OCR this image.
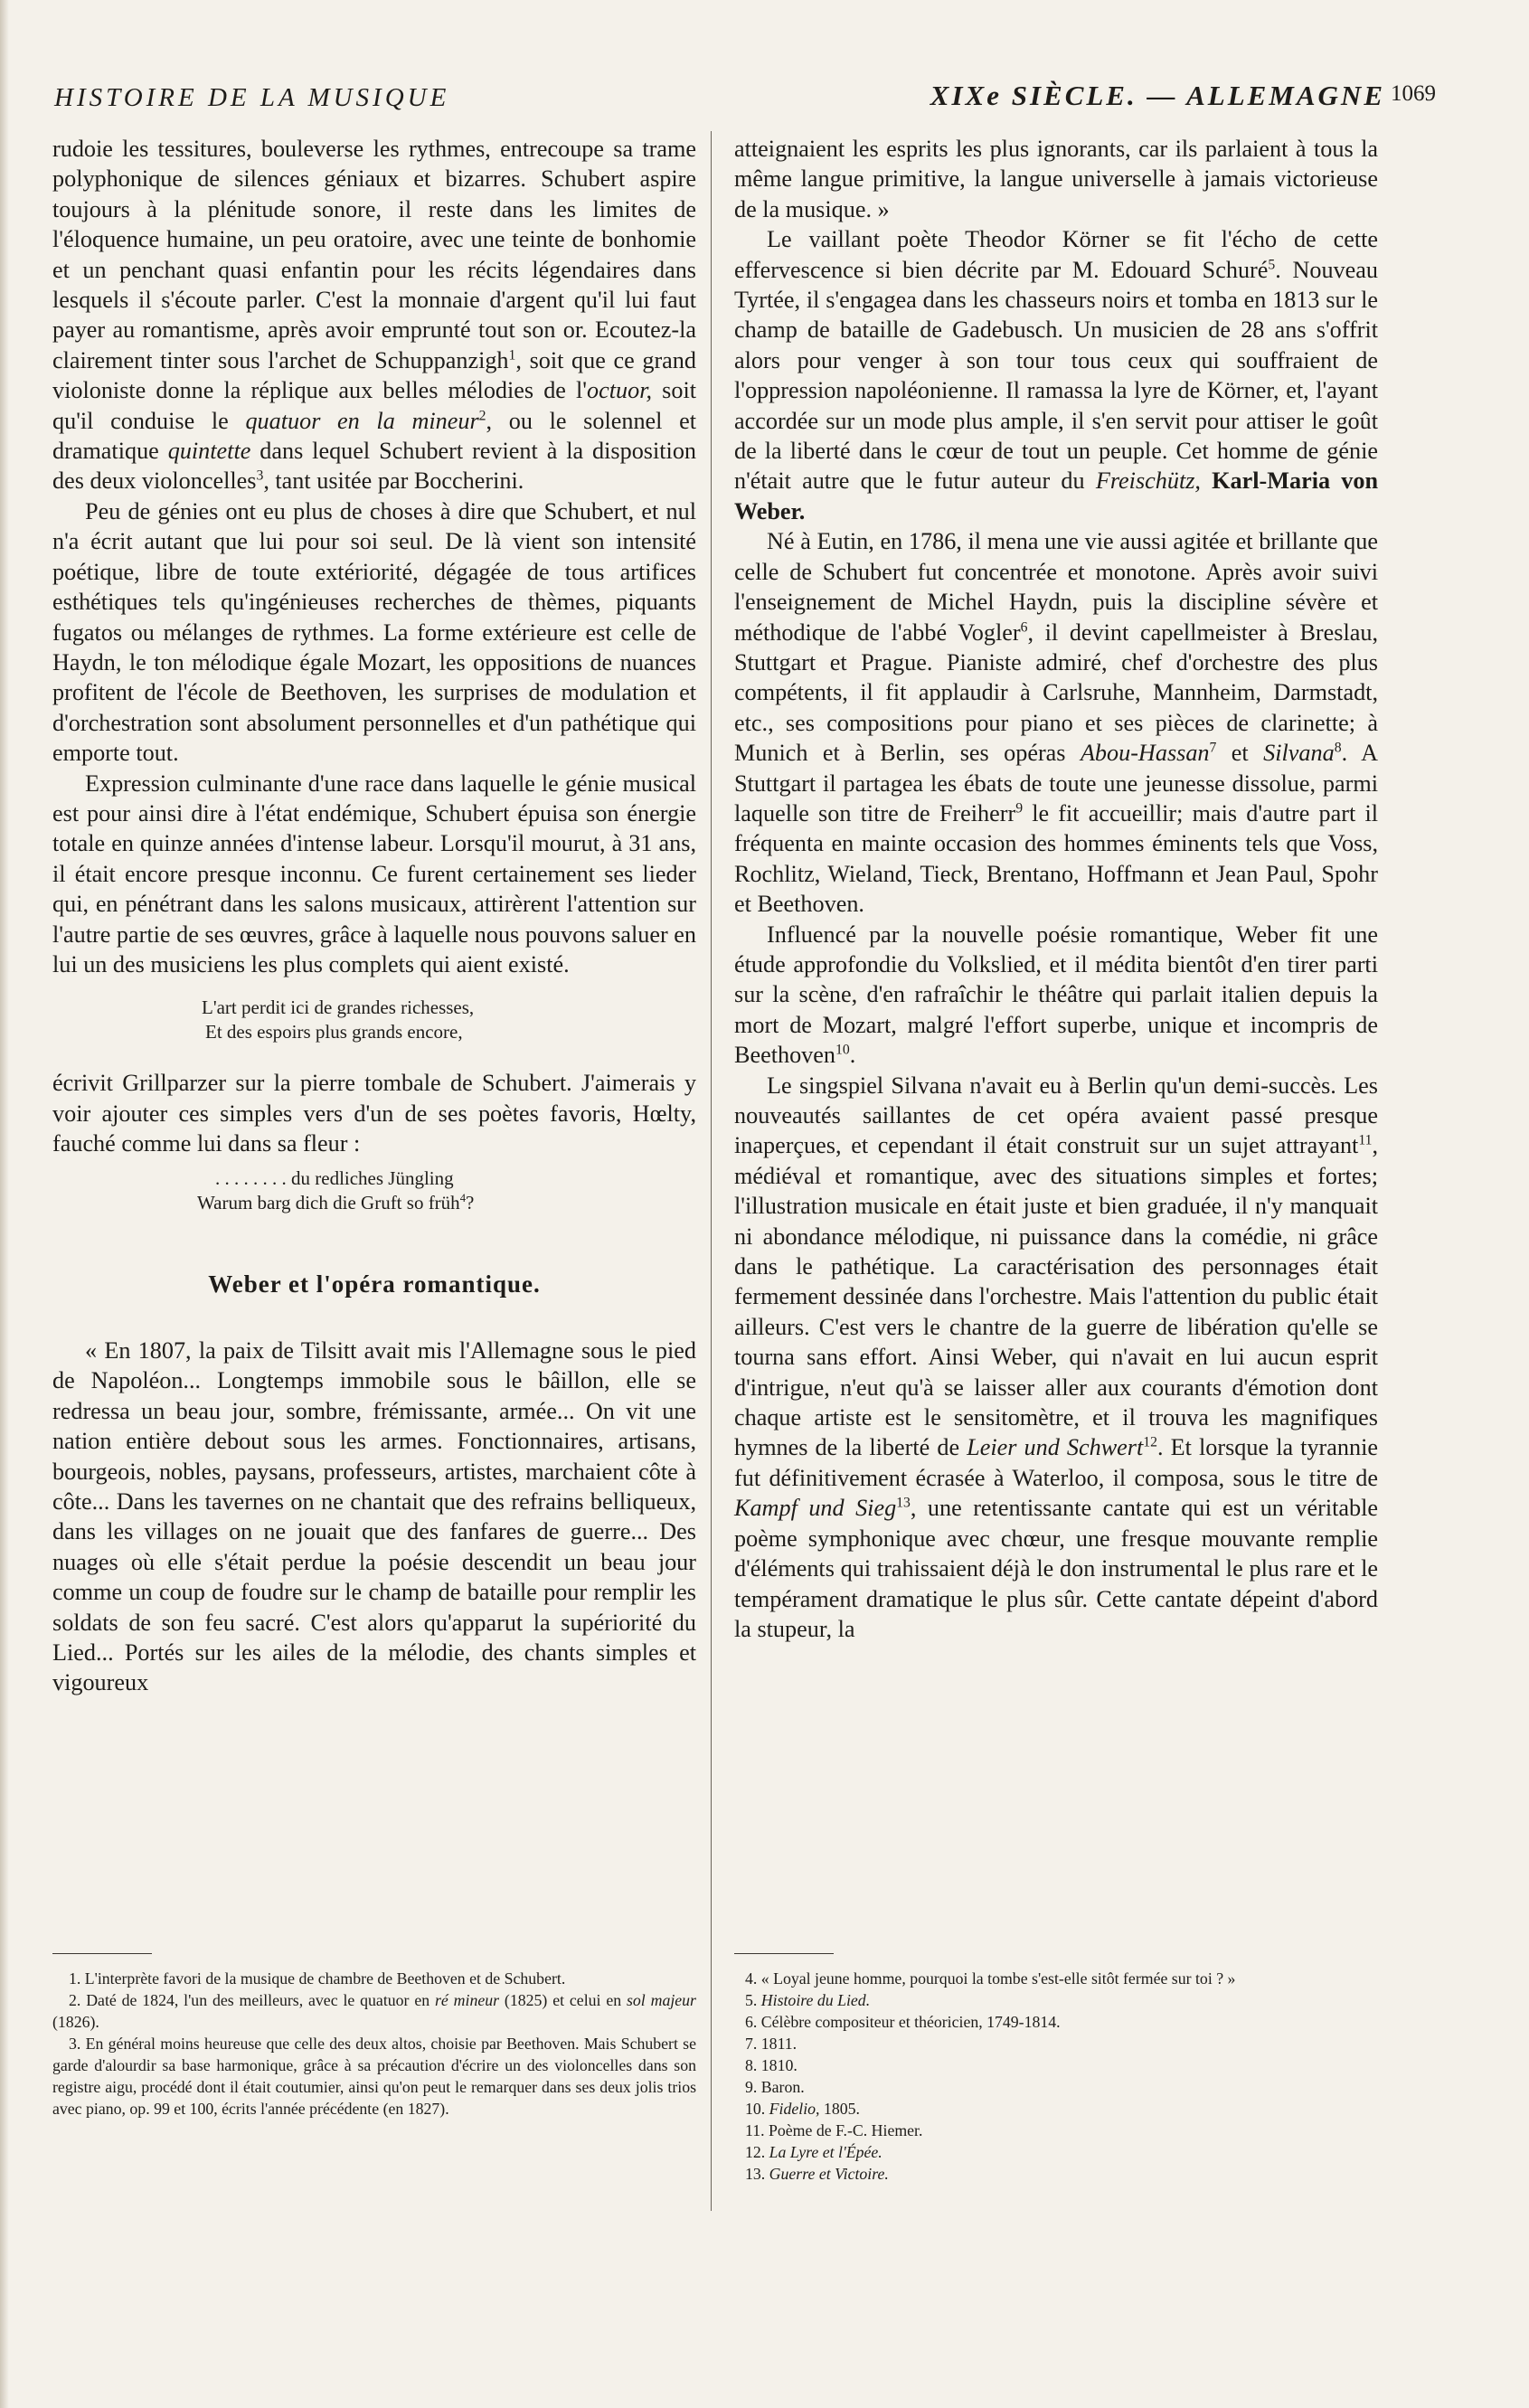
HISTOIRE DE LA MUSIQUE	XIXe SIÈCLE. — ALLEMAGNE 1069

rudoie les tessitures, bouleverse les rythmes, entrecoupe sa trame polyphonique de silences géniaux et bizarres. Schubert aspire toujours à la plénitude sonore, il reste dans les limites de l'éloquence humaine, un peu oratoire, avec une teinte de bonhomie et un penchant quasi enfantin pour les récits légendaires dans lesquels il s'écoute parler. C'est la monnaie d'argent qu'il lui faut payer au romantisme, après avoir emprunté tout son or. Ecoutez-la clairement tinter sous l'archet de Schuppanzigh$^1$, soit que ce grand violoniste donne la réplique aux belles mélodies de l'octuor, soit qu'il conduise le quatuor en la mineur$^2$, ou le solennel et dramatique quintette dans lequel Schubert revient à la disposition des deux violoncelles$^3$, tant usitée par Boccherini.

Peu de génies ont eu plus de choses à dire que Schubert, et nul n'a écrit autant que lui pour soi seul. De là vient son intensité poétique, libre de toute extériorité, dégagée de tous artifices esthétiques tels qu'ingénieuses recherches de thèmes, piquants fugatos ou mélanges de rythmes. La forme extérieure est celle de Haydn, le ton mélodique égale Mozart, les oppositions de nuances profitent de l'école de Beethoven, les surprises de modulation et d'orchestration sont absolument personnelles et d'un pathétique qui emporte tout.

Expression culminante d'une race dans laquelle le génie musical est pour ainsi dire à l'état endémique, Schubert épuisa son énergie totale en quinze années d'intense labeur. Lorsqu'il mourut, à 31 ans, il était encore presque inconnu. Ce furent certainement ses lieder qui, en pénétrant dans les salons musicaux, attirèrent l'attention sur l'autre partie de ses œuvres, grâce à laquelle nous pouvons saluer en lui un des musiciens les plus complets qui aient existé.

L'art perdit ici de grandes richesses,
Et des espoirs plus grands encore,

écrivit Grillparzer sur la pierre tombale de Schubert. J'aimerais y voir ajouter ces simples vers d'un de ses poètes favoris, Hœlty, fauché comme lui dans sa fleur :

. . . . . . . . du redliches Jüngling
Warum barg dich die Gruft so früh$^4$?
Weber et l'opéra romantique.

« En 1807, la paix de Tilsitt avait mis l'Allemagne sous le pied de Napoléon... Longtemps immobile sous le bâillon, elle se redressa un beau jour, sombre, frémissante, armée... On vit une nation entière debout sous les armes. Fonctionnaires, artisans, bourgeois, nobles, paysans, professeurs, artistes, marchaient côte à côte... Dans les tavernes on ne chantait que des refrains belliqueux, dans les villages on ne jouait que des fanfares de guerre... Des nuages où elle s'était perdue la poésie descendit un beau jour comme un coup de foudre sur le champ de bataille pour remplir les soldats de son feu sacré. C'est alors qu'apparut la supériorité du Lied... Portés sur les ailes de la mélodie, des chants simples et vigoureux

atteignaient les esprits les plus ignorants, car ils parlaient à tous la même langue primitive, la langue universelle à jamais victorieuse de la musique. »

Le vaillant poète Theodor Körner se fit l'écho de cette effervescence si bien décrite par M. Edouard Schuré$^5$. Nouveau Tyrtée, il s'engagea dans les chasseurs noirs et tomba en 1813 sur le champ de bataille de Gadebusch. Un musicien de 28 ans s'offrit alors pour venger à son tour tous ceux qui souffraient de l'oppression napoléonienne. Il ramassa la lyre de Körner, et, l'ayant accordée sur un mode plus ample, il s'en servit pour attiser le goût de la liberté dans le cœur de tout un peuple. Cet homme de génie n'était autre que le futur auteur du Freischütz, Karl-Maria von Weber.

Né à Eutin, en 1786, il mena une vie aussi agitée et brillante que celle de Schubert fut concentrée et monotone. Après avoir suivi l'enseignement de Michel Haydn, puis la discipline sévère et méthodique de l'abbé Vogler$^6$, il devint capellmeister à Breslau, Stuttgart et Prague. Pianiste admiré, chef d'orchestre des plus compétents, il fit applaudir à Carlsruhe, Mannheim, Darmstadt, etc., ses compositions pour piano et ses pièces de clarinette; à Munich et à Berlin, ses opéras Abou-Hassan$^7$ et Silvana$^8$. A Stuttgart il partagea les ébats de toute une jeunesse dissolue, parmi laquelle son titre de Freiherr$^9$ le fit accueillir; mais d'autre part il fréquenta en mainte occasion des hommes éminents tels que Voss, Rochlitz, Wieland, Tieck, Brentano, Hoffmann et Jean Paul, Spohr et Beethoven.

Influencé par la nouvelle poésie romantique, Weber fit une étude approfondie du Volkslied, et il médita bientôt d'en tirer parti sur la scène, d'en rafraîchir le théâtre qui parlait italien depuis la mort de Mozart, malgré l'effort superbe, unique et incompris de Beethoven$^{10}$.

Le singspiel Silvana n'avait eu à Berlin qu'un demi-succès. Les nouveautés saillantes de cet opéra avaient passé presque inaperçues, et cependant il était construit sur un sujet attrayant$^{11}$, médiéval et romantique, avec des situations simples et fortes; l'illustration musicale en était juste et bien graduée, il n'y manquait ni abondance mélodique, ni puissance dans la comédie, ni grâce dans le pathétique. La caractérisation des personnages était fermement dessinée dans l'orchestre. Mais l'attention du public était ailleurs. C'est vers le chantre de la guerre de libération qu'elle se tourna sans effort. Ainsi Weber, qui n'avait en lui aucun esprit d'intrigue, n'eut qu'à se laisser aller aux courants d'émotion dont chaque artiste est le sensitomètre, et il trouva les magnifiques hymnes de la liberté de Leier und Schwert$^{12}$. Et lorsque la tyrannie fut définitivement écrasée à Waterloo, il composa, sous le titre de Kampf und Sieg$^{13}$, une retentissante cantate qui est un véritable poème symphonique avec chœur, une fresque mouvante remplie d'éléments qui trahissaient déjà le don instrumental le plus rare et le tempérament dramatique le plus sûr. Cette cantate dépeint d'abord la stupeur, la

1. L'interprète favori de la musique de chambre de Beethoven et de Schubert.

2. Daté de 1824, l'un des meilleurs, avec le quatuor en ré mineur (1825) et celui en sol majeur (1826).

3. En général moins heureuse que celle des deux altos, choisie par Beethoven. Mais Schubert se garde d'alourdir sa base harmonique, grâce à sa précaution d'écrire un des violoncelles dans son registre aigu, procédé dont il était coutumier, ainsi qu'on peut le remarquer dans ses deux jolis trios avec piano, op. 99 et 100, écrits l'année précédente (en 1827).

4. « Loyal jeune homme, pourquoi la tombe s'est-elle sitôt fermée sur toi ? »

5. Histoire du Lied.

6. Célèbre compositeur et théoricien, 1749-1814.

7. 1811.

8. 1810.

9. Baron.

10. Fidelio, 1805.

11. Poème de F.-C. Hiemer.

12. La Lyre et l'Épée.

13. Guerre et Victoire.
